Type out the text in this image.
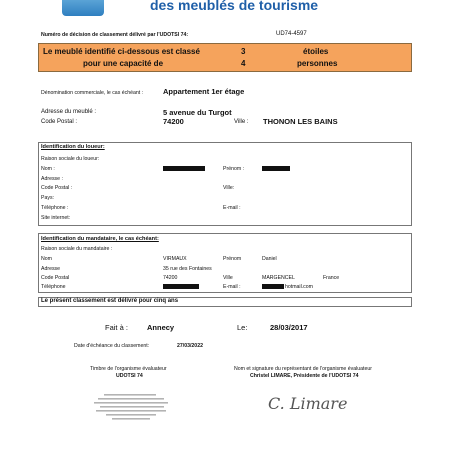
des meublés de tourisme
Numéro de décision de classement délivré par l'UDOTSI 74:	UD74-4597
Le meublé identifié ci-dessous est classé	3	étoiles
pour une capacité de	4	personnes
Dénomination commerciale, le cas échéant :	Appartement 1er étage
Adresse du meublé :	5 avenue du Turgot
Code Postal :	74200	Ville : THONON LES BAINS
Identification du loueur:
Raison sociale du loueur:
Nom :	Prénom :
Adresse :
Code Postal :	Ville:
Pays:
Téléphone :	E-mail :
Site internet:
Identification du mandataire, le cas échéant:
Raison sociale du mandataire :
Nom	VIRMAUX	Prénom	Daniel
Adresse	35 rue des Fontaines
Code Postal	74200	Ville	MARGENCEL	France
Téléphone	E-mail :	hotmail.com
Le présent classement est délivré pour cinq ans
Fait à :	Annecy	Le:	28/03/2017
Date d'échéance du classement:	27/03/2022
Timbre de l'organisme évaluateur
UDOTSI 74
Nom et signature du représentant de l'organisme évaluateur
Christel LIMARE, Présidente de l'UDOTSI 74
C. Limare
